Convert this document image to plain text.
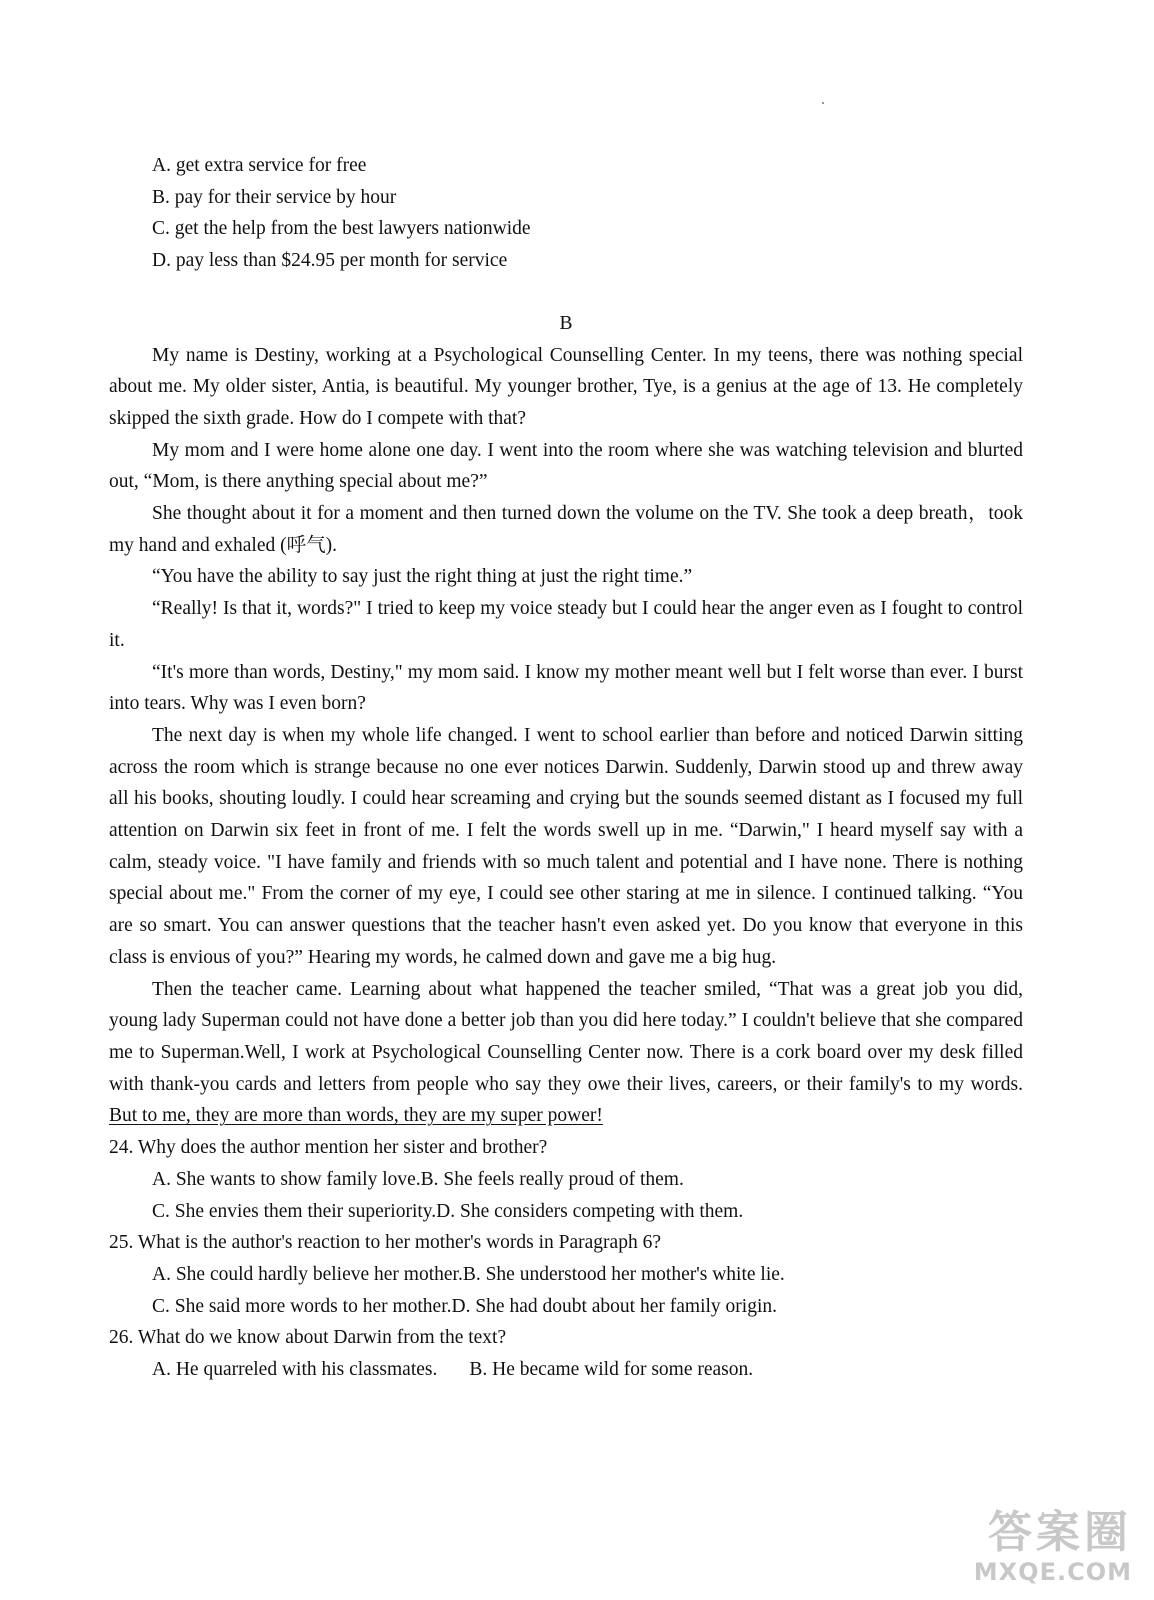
A. get extra service for free
B. pay for their service by hour
C. get the help from the best lawyers nationwide
D. pay less than $24.95 per month for service
B

My name is Destiny, working at a Psychological Counselling Center. In my teens, there was nothing special about me. My older sister, Antia, is beautiful. My younger brother, Tye, is a genius at the age of 13. He completely skipped the sixth grade. How do I compete with that?

My mom and I were home alone one day. I went into the room where she was watching television and blurted out, “Mom, is there anything special about me?”

She thought about it for a moment and then turned down the volume on the TV. She took a deep breath，took my hand and exhaled (呼气).

“You have the ability to say just the right thing at just the right time.”

“Really! Is that it, words?" I tried to keep my voice steady but I could hear the anger even as I fought to control it.

“It's more than words, Destiny," my mom said. I know my mother meant well but I felt worse than ever. I burst into tears. Why was I even born?

The next day is when my whole life changed. I went to school earlier than before and noticed Darwin sitting across the room which is strange because no one ever notices Darwin. Suddenly, Darwin stood up and threw away all his books, shouting loudly. I could hear screaming and crying but the sounds seemed distant as I focused my full attention on Darwin six feet in front of me. I felt the words swell up in me. “Darwin," I heard myself say with a calm, steady voice. "I have family and friends with so much talent and potential and I have none. There is nothing special about me." From the corner of my eye, I could see other staring at me in silence. I continued talking. “You are so smart. You can answer questions that the teacher hasn't even asked yet. Do you know that everyone in this class is envious of you?” Hearing my words, he calmed down and gave me a big hug.

Then the teacher came. Learning about what happened the teacher smiled, “That was a great job you did, young lady Superman could not have done a better job than you did here today.” I couldn't believe that she compared me to Superman.Well, I work at Psychological Counselling Center now. There is a cork board over my desk filled with thank-you cards and letters from people who say they owe their lives, careers, or their family's to my words. But to me, they are more than words, they are my super power!

24. Why does the author mention her sister and brother?
A. She wants to show family love.B. She feels really proud of them.
C. She envies them their superiority.D. She considers competing with them.
25. What is the author's reaction to her mother's words in Paragraph 6?
A. She could hardly believe her mother.B. She understood her mother's white lie.
C. She said more words to her mother.D. She had doubt about her family origin.
26. What do we know about Darwin from the text?
A. He quarreled with his classmates. B. He became wild for some reason.
答案圈
MXQE.COM
